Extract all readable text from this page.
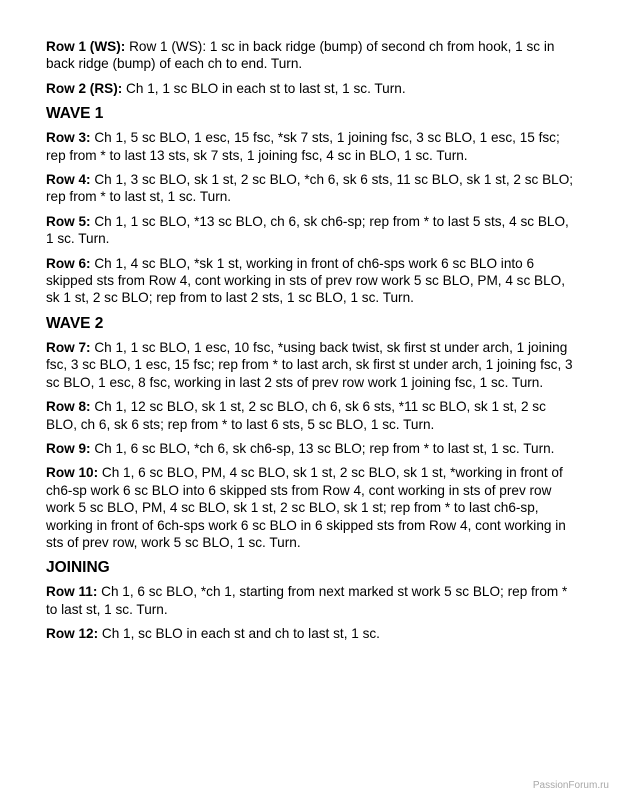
Row 1 (WS): Row 1 (WS): 1 sc in back ridge (bump) of second ch from hook, 1 sc in back ridge (bump) of each ch to end. Turn.

Row 2 (RS): Ch 1, 1 sc BLO in each st to last st, 1 sc. Turn.

WAVE 1

Row 3: Ch 1, 5 sc BLO, 1 esc, 15 fsc, *sk 7 sts, 1 joining fsc, 3 sc BLO, 1 esc, 15 fsc; rep from * to last 13 sts, sk 7 sts, 1 joining fsc, 4 sc in BLO, 1 sc. Turn.

Row 4: Ch 1, 3 sc BLO, sk 1 st, 2 sc BLO, *ch 6, sk 6 sts, 11 sc BLO, sk 1 st, 2 sc BLO; rep from * to last st, 1 sc. Turn.

Row 5: Ch 1, 1 sc BLO, *13 sc BLO, ch 6, sk ch6-sp; rep from * to last 5 sts, 4 sc BLO, 1 sc. Turn.

Row 6: Ch 1, 4 sc BLO, *sk 1 st, working in front of ch6-sps work 6 sc BLO into 6 skipped sts from Row 4, cont working in sts of prev row work 5 sc BLO, PM, 4 sc BLO, sk 1 st, 2 sc BLO; rep from to last 2 sts, 1 sc BLO, 1 sc. Turn.

WAVE 2

Row 7: Ch 1, 1 sc BLO, 1 esc, 10 fsc, *using back twist, sk first st under arch, 1 joining fsc, 3 sc BLO, 1 esc, 15 fsc; rep from * to last arch, sk first st under arch, 1 joining fsc, 3 sc BLO, 1 esc, 8 fsc, working in last 2 sts of prev row work 1 joining fsc, 1 sc. Turn.

Row 8: Ch 1, 12 sc BLO, sk 1 st, 2 sc BLO, ch 6, sk 6 sts, *11 sc BLO, sk 1 st, 2 sc BLO, ch 6, sk 6 sts; rep from * to last 6 sts, 5 sc BLO, 1 sc. Turn.

Row 9: Ch 1, 6 sc BLO, *ch 6, sk ch6-sp, 13 sc BLO; rep from * to last st, 1 sc. Turn.

Row 10: Ch 1, 6 sc BLO, PM, 4 sc BLO, sk 1 st, 2 sc BLO, sk 1 st, *working in front of ch6-sp work 6 sc BLO into 6 skipped sts from Row 4, cont working in sts of prev row work 5 sc BLO, PM, 4 sc BLO, sk 1 st, 2 sc BLO, sk 1 st; rep from * to last ch6-sp, working in front of 6ch-sps work 6 sc BLO in 6 skipped sts from Row 4, cont working in sts of prev row, work 5 sc BLO, 1 sc. Turn.

JOINING

Row 11: Ch 1, 6 sc BLO, *ch 1, starting from next marked st work 5 sc BLO; rep from * to last st, 1 sc. Turn.

Row 12: Ch 1, sc BLO in each st and ch to last st, 1 sc.

PassionForum.ru
